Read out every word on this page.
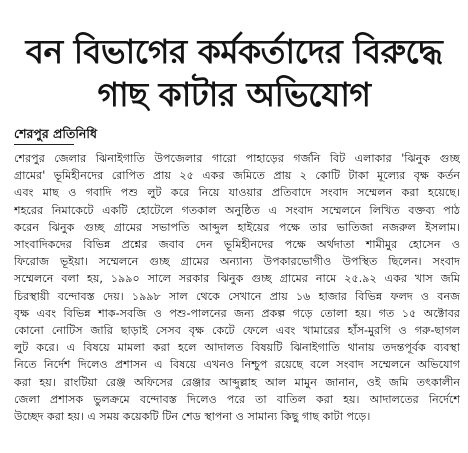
বন বিভাগের কর্মকর্তাদের বিরুদ্ধে
গাছ কাটার অভিযোগ
শেরপুর প্রতিনিধি
শেরপুর জেলার ঝিনাইগাতি উপজেলার গারো পাহাড়ের গর্জনি বিট এলাকার 'ঝিনুক গুচ্ছ
গ্রামের' ভূমিহীনদের রোপিত প্রায় ২৫ একর জমিতে প্রায় ২ কোটি টাকা মূল্যের বৃক্ষ কর্তন
এবং মাছ ও গবাদি পশু লুট করে নিয়ে যাওয়ার প্রতিবাদে সংবাদ সম্মেলন করা হয়েছে।
শহরের নিমাকেটে একটি হোটেলে গতকাল অনুষ্ঠিত এ সংবাদ সম্মেলনে লিখিত বক্তব্য পাঠ
করেন ঝিনুক গুচ্ছ গ্রামের সভাপতি আব্দুল হাইয়ের পক্ষে তার ভাতিজা নজরুল ইসলাম।
সাংবাদিকদের বিভিন্ন প্রশ্নের জবাব দেন ভূমিহীনদের পক্ষে অর্থদাতা শামীমুর হোসেন ও
ফিরোজ ভূইয়া। সম্মেলনে গুচ্ছ গ্রামের অন্যান্য উপকারভোগীও উপস্থিত ছিলেন। সংবাদ
সম্মেলনে বলা হয়, ১৯৯০ সালে সরকার ঝিনুক গুচ্ছ গ্রামের নামে ২৫.৯২ একর খাস জমি
চিরস্থায়ী বন্দোবস্ত দেয়। ১৯৯৮ সাল থেকে সেখানে প্রায় ১৬ হাজার বিভিন্ন ফলদ ও বনজ
বৃক্ষ এবং বিভিন্ন শাক-সবজি ও পশু-পালনের জন্য প্রকল্প গড়ে তোলা হয়। গত ১৫ অক্টোবর
কোনো নোটিস জারি ছাড়াই সেসব বৃক্ষ কেটে ফেলে এবং খামারের হাঁস-মুরগি ও গরু-ছাগল
লুট করে। এ বিষয়ে মামলা করা হলে আদালত বিষয়টি ঝিনাইগাতি থানায় তদন্তপূর্বক ব্যবস্থা
নিতে নির্দেশ দিলেও প্রশাসন এ বিষয়ে এখনও নিশ্চুপ রয়েছে বলে সংবাদ সম্মেলনে অভিযোগ
করা হয়। রাংটিয়া রেঞ্জ অফিসের রেঞ্জার আব্দুল্লাহ আল মামুন জানান, ওই জমি তৎকালীন
জেলা প্রশাসক ভুলক্রমে বন্দোবস্ত দিলেও পরে তা বাতিল করা হয়। আদালতের নির্দেশে
উচ্ছেদ করা হয়। এ সময় কয়েকটি টিন শেড স্থাপনা ও সামান্য কিছু গাছ কাটা পড়ে।
